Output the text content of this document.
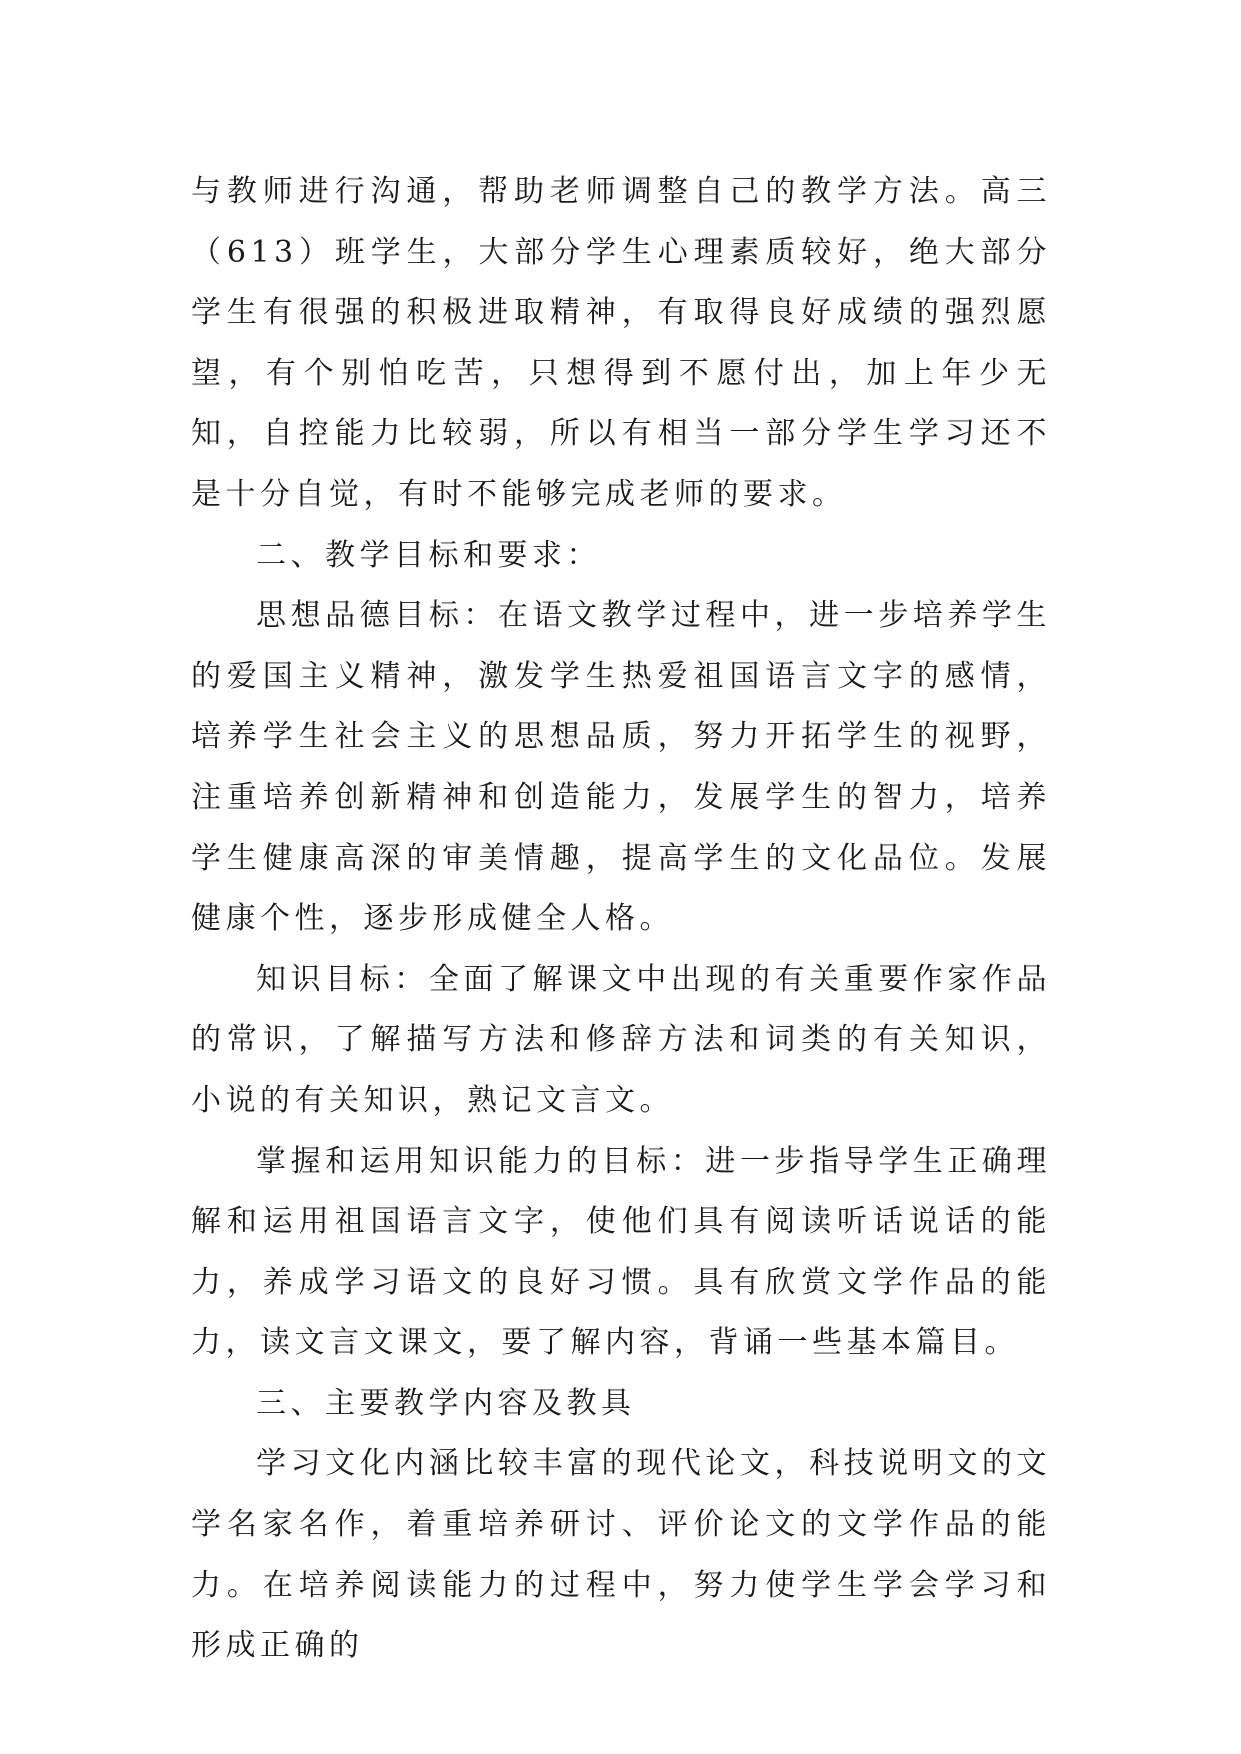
与教师进行沟通，帮助老师调整自己的教学方法。高三（613）班学生，大部分学生心理素质较好，绝大部分学生有很强的积极进取精神，有取得良好成绩的强烈愿望，有个别怕吃苦，只想得到不愿付出，加上年少无知，自控能力比较弱，所以有相当一部分学生学习还不是十分自觉，有时不能够完成老师的要求。

二、教学目标和要求：

思想品德目标：在语文教学过程中，进一步培养学生的爱国主义精神，激发学生热爱祖国语言文字的感情，培养学生社会主义的思想品质，努力开拓学生的视野，注重培养创新精神和创造能力，发展学生的智力，培养学生健康高深的审美情趣，提高学生的文化品位。发展健康个性，逐步形成健全人格。

知识目标：全面了解课文中出现的有关重要作家作品的常识，了解描写方法和修辞方法和词类的有关知识，小说的有关知识，熟记文言文。

掌握和运用知识能力的目标：进一步指导学生正确理解和运用祖国语言文字，使他们具有阅读听话说话的能力，养成学习语文的良好习惯。具有欣赏文学作品的能力，读文言文课文，要了解内容，背诵一些基本篇目。

三、主要教学内容及教具

学习文化内涵比较丰富的现代论文，科技说明文的文学名家名作，着重培养研讨、评价论文的文学作品的能力。在培养阅读能力的过程中，努力使学生学会学习和形成正确的
